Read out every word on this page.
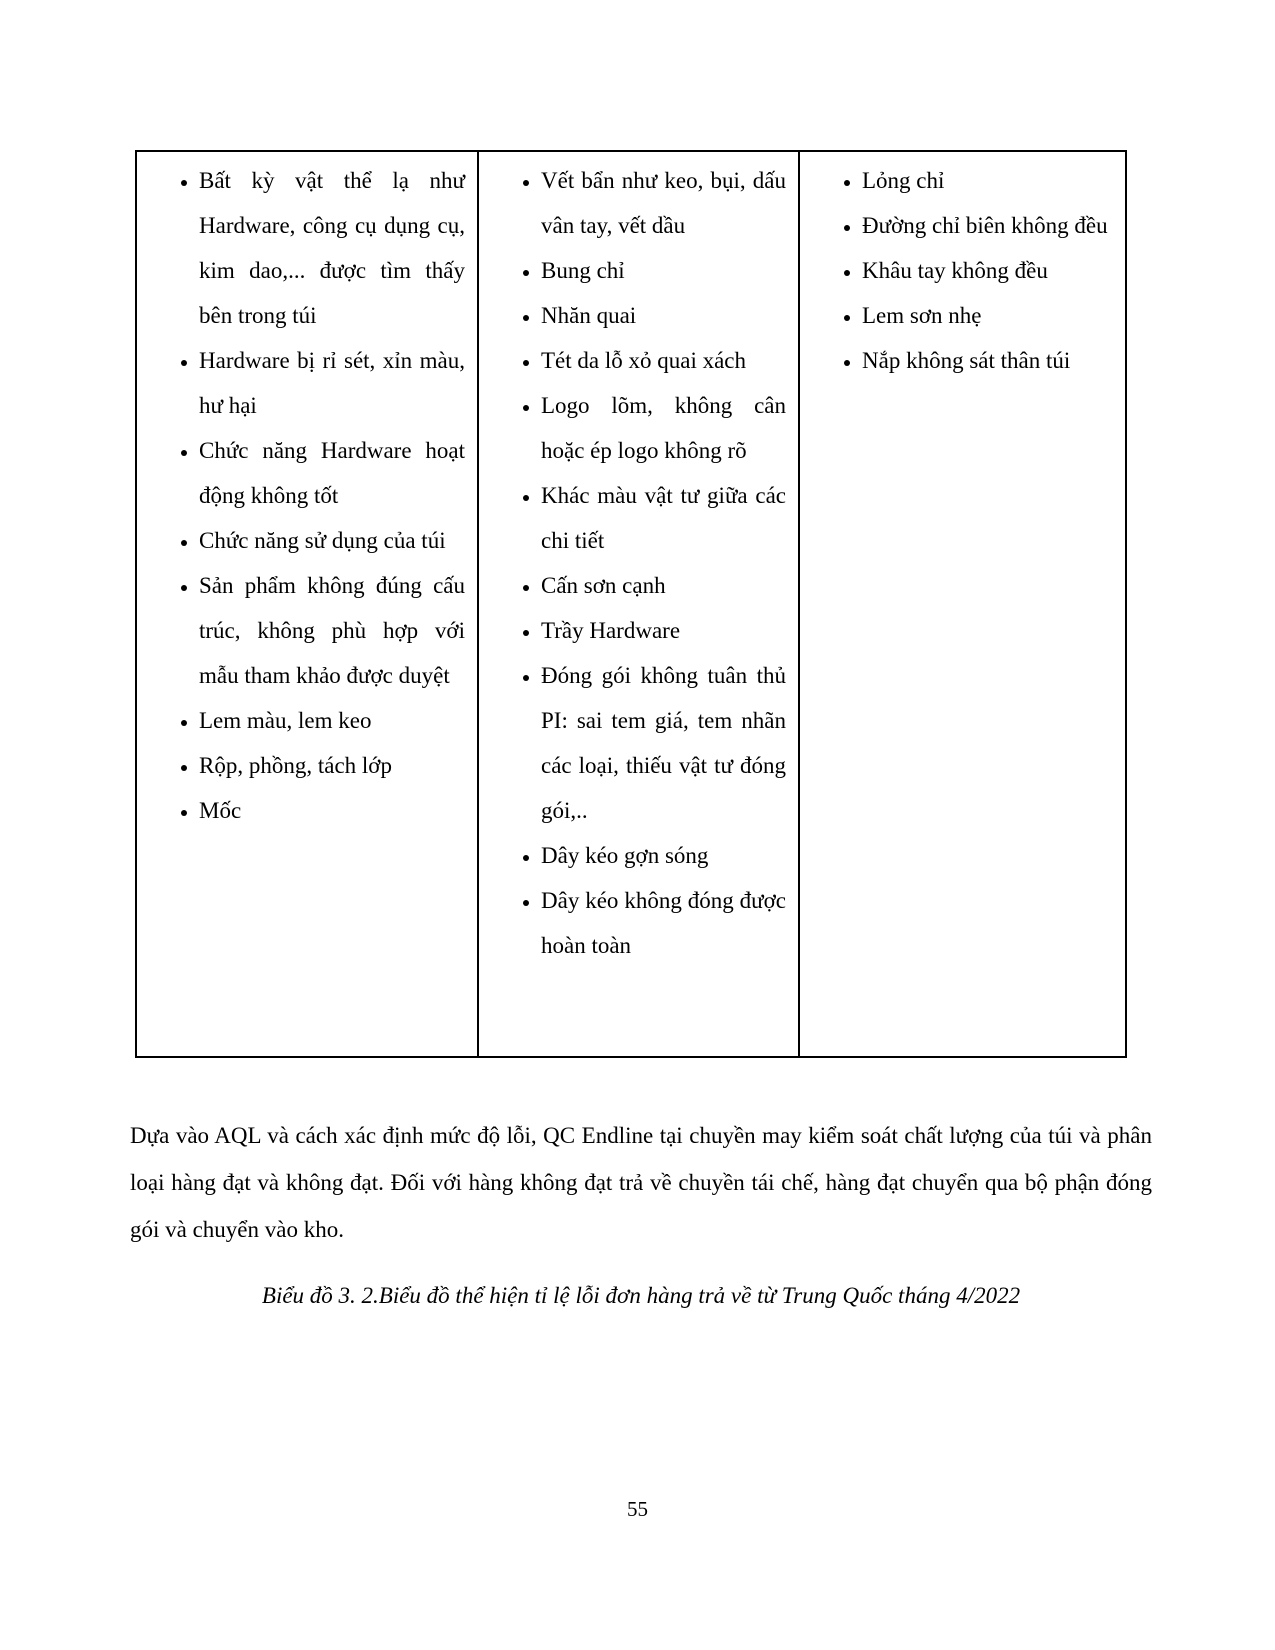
• Bất kỳ vật thể lạ như Hardware, công cụ dụng cụ, kim dao,... được tìm thấy bên trong túi
• Hardware bị rỉ sét, xỉn màu, hư hại
• Chức năng Hardware hoạt động không tốt
• Chức năng sử dụng của túi
• Sản phẩm không đúng cấu trúc, không phù hợp với mẫu tham khảo được duyệt
• Lem màu, lem keo
• Rộp, phồng, tách lớp
• Mốc

• Vết bẩn như keo, bụi, dấu vân tay, vết dầu
• Bung chỉ
• Nhăn quai
• Tét da lỗ xỏ quai xách
• Logo lõm, không cân hoặc ép logo không rõ
• Khác màu vật tư giữa các chi tiết
• Cấn sơn cạnh
• Trầy Hardware
• Đóng gói không tuân thủ PI: sai tem giá, tem nhãn các loại, thiếu vật tư đóng gói,..
• Dây kéo gợn sóng
• Dây kéo không đóng được hoàn toàn

• Lỏng chỉ
• Đường chỉ biên không đều
• Khâu tay không đều
• Lem sơn nhẹ
• Nắp không sát thân túi

Dựa vào AQL và cách xác định mức độ lỗi, QC Endline tại chuyền may kiểm soát chất lượng của túi và phân loại hàng đạt và không đạt. Đối với hàng không đạt trả về chuyền tái chế, hàng đạt chuyển qua bộ phận đóng gói và chuyển vào kho.

Biểu đồ 3. 2.Biểu đồ thể hiện tỉ lệ lỗi đơn hàng trả về từ Trung Quốc tháng 4/2022

55
